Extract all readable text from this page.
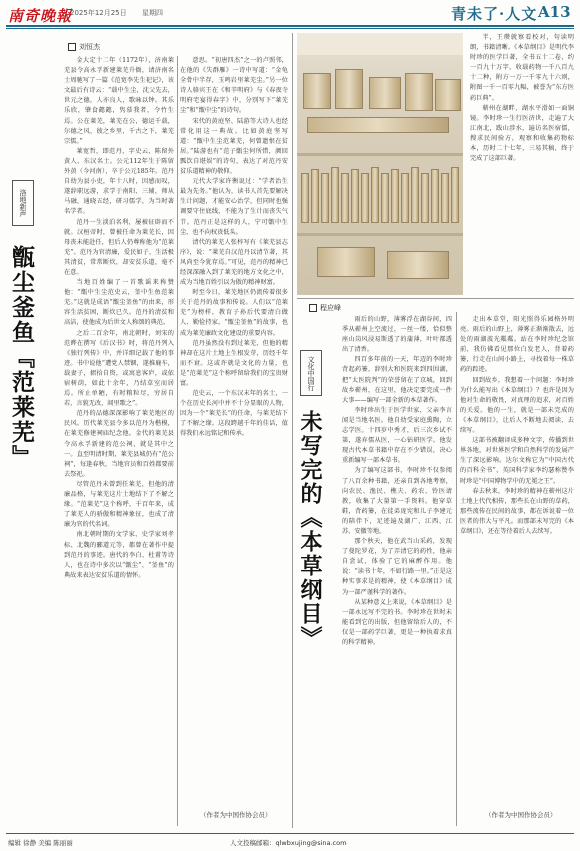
南奇晚報
2025年12月25日 星期四	青未了·人文 A13
刘恒杰
洛地新声
甑尘釜鱼『范莱芜』

金大定十二年（1172年），济南莱芜县令高永孚新建莱芜升衙，请济南名士周驰写了一篇《范宽李先生祀记》，该文最后有诗云：“载中生尘，沈父先去，世元之德，人亦良人，歌咏以钟。其乐乐欣，肇食懿懿，隽慕我者，令竹生焉。公在莱芜，莱芜在公，德运千载，尔德之风，彼之乡里，千古之下，莱芜宗儒。”

莱宽哲，即范丹，字史云，陈留外黄人，东汉名士。公元112年生于陈留外黄（今河南），卒于公元185年。范丹自幼为县小吏，年十八时，因感而叹，遂辞职远游，求学于南阳、三辅，师从马融，通晓五经，研习儒学，为当时著名学者。

范丹一生淡泊名利，屡被征辟而不就。汉桓帝时，曾被任命为莱芜长，因母丧未能赴任，但后人仍尊称他为“范莱芜”。范丹为官清廉，爱民如子，生活极其清贫，常常断炊，却安贫乐道，毫不在意。

当地百姓编了一首歌谣来称赞他：“甑中生尘范史云，釜中生鱼范莱芜。”这就是成语“甑尘釜鱼”的由来，形容生活贫困，断炊已久。范丹的清贫和高洁，使他成为后世文人称颂的典范。

之后二百余年，南北朝时，刘宋的范晔在撰写《后汉书》时，将范丹列入《独行列传》中，并详细记载了他的事迹。书中说他“遭党人禁锢，遂推鹿车，载妻子，捃拾自资，或寓息客庐，或依宿树荫，如此十余年，乃结草室而居焉。所止单陋，有时粮粒尽，穷居自若，言貌无改，闾里歌之”。

范丹的品德深深影响了莱芜地区的民风。历代莱芜县令多以范丹为楷模，在莱芜修建祠庙纪念他。金代的莱芜县令高永孚新建的范公祠，就是其中之一。直至明清时期，莱芜县城仍有“范公祠”，每逢春秋，当地官员和百姓都要前去祭祀。

尽管范丹未曾到任莱芜，但他的清廉品格，与莱芜这片土地结下了不解之缘。“范莱芜”这个称呼，千百年来，成了莱芜人的骄傲和精神象征，也成了清廉为官的代名词。

南北朝时期的文学家、史学家刘孝标、北魏的郦道元等，都曾在著作中提到范丹的事迹。唐代的李白、杜甫等诗人，也在诗中多次以“甑尘”、“釜鱼”的典故来表达安贫乐道的情怀。

意思。“初唐四杰”之一的卢照邻，在他的《失群雁》一诗中写道：“金龟全骨中半存，玉鸣岩里莱芜尘。”另一位诗人骆宾王在《和辛明府》与《春夜寺明府宅宴得春字》中，分别写下“莱芜尘”和“甑中尘”的诗句。

宋代的黄庭坚、陆游等大诗人也经常化用这一典故。比如黄庭坚写道：“甑中生尘范莱芜，何曾遗恨在贫居。”陆游也有“范子甑尘何所惜，颜回瓢饮自堪娱”的诗句，表达了对范丹安贫乐道精神的敬仰。

元代大学家许衡说过：“学者治生最为先务。”他认为，读书人首先要解决生计问题，才能安心治学，但同时也强调要守住底线，不能为了生计而丧失气节。范丹正是这样的人，宁可甑中生尘，也不向权贵低头。

清代的莱芜人张梓写有《莱芜县志序》，说：“莱芜自汉范丹以清节著，其风尚至今犹存焉。”可见，范丹的精神已经深深融入到了莱芜的地方文化之中，成为当地百姓引以为傲的精神财富。

时至今日，莱芜地区仍流传着很多关于范丹的故事和传说。人们以“范莱芜”为榜样，教育子孙后代要清白做人、勤俭持家。“甑尘釜鱼”的故事，也成为莱芜廉政文化建设的重要内容。

范丹虽然没有到过莱芜，但他的精神却在这片土地上生根发芽，历经千年而不衰。这或许就是文化的力量，也是“范莱芜”这个称呼留给我们的宝贵财富。

范史云，一个东汉末年的名士，一个在历史长河中并不十分显眼的人物，因为一个“莱芜长”的任命，与莱芜结下了不解之缘。这段跨越千年的佳话，值得我们永远铭记和传承。

（作者为中国作协会员）

半，王瓒就察看校对，句读明朗，书籍清晰。《本草纲目》是明代李时珍的医学巨著，全书五十二卷，约一百九十万字，收载药物一千八百九十二种，附方一万一千零九十六则，附图一千一百零九幅，被誉为“东方医药巨典”。

蕲州在湖畔，湖水平滑如一面铜镜。李时珍一生行医济世，走遍了大江南北，跋山涉水，遍访名医宿儒，搜求民间验方，观察和收集药物标本，历时二十七年，三易其稿，终于完成了这部巨著。

程应峰
文化中国行
未写完的《本草纲目》

雨后的山野，薄雾浮在湖谷间，四季从蕲州上空流过，一丝一缕，恰似整座山岗风浸易斯透了的蒲薄，叶叶都透出了清香。

四百多年前的一天，年迈的李时珍背起药篓，辞别大和医院来到四围湖，把“太医院判”的荣誉留在了京城，回到故乡蕲州，在这里，他决定要完成一件大事——编写一部全新的本草著作。

李时珍出生于医学世家，父亲李言闻是当地名医。他自幼受家庭熏陶，立志学医。十四岁中秀才，后三次乡试不第，遂弃儒从医，一心钻研医学。他发现古代本草书籍中存在不少错误，决心重新编写一部本草书。

为了编写这部书，李时珍不仅参阅了八百余种书籍，还亲自到各地考察，向农民、渔民、樵夫、药农、铃医请教，收集了大量第一手资料。他穿草鞋，背药篓，在徒弟庞宪和儿子李建元的陪伴下，足迹遍及湖广、江西、江苏、安徽等地。

那个秋天，他在武当山采药，发现了曼陀罗花，为了弄清它的药性，他亲自尝试，体验了它的麻醉作用。他说：“读书十年，不如行路一里。”正是这种实事求是的精神，使《本草纲目》成为一部严谨科学的著作。

从某种意义上来说，《本草纲目》是一部永远写不完的书。李时珍在世时未能看到它的出版，但他留给后人的，不仅是一部药学巨著，更是一种执着求真的科学精神。

走出本草堂，阳光照得乐园格外明亮。雨后的山野上，薄雾正渐渐散去，远处的雨湖波光粼粼。站在李时珍纪念馆前，我仿佛看见那位白发老人，背着药篓，行走在山间小路上，寻找着每一株草药的踪迹。

回到故乡，我想着一个问题：李时珍为什么能写出《本草纲目》？也许是因为他对生命的敬畏，对真理的追求，对百姓的关爱。他的一生，就是一部未完成的《本草纲目》，让后人不断地去阅读、去续写。

这部书被翻译成多种文字，传播到世界各地，对世界医学和自然科学的发展产生了深远影响。达尔文称它为“中国古代的百科全书”，英国科学家李约瑟称赞李时珍是“中国博物学中的无冕之王”。

春去秋来，李时珍的精神在蕲州这片土地上代代相传，那些长在山野的草药，那些流传在民间的故事，都在诉说着一位医者的伟大与平凡。而那部未写完的《本草纲目》，还在等待着后人去续写。

（作者为中国作协会员）
编辑 徐静 美编 陈丽丽	人文投稿邮箱：qlwbxujing@sina.com
